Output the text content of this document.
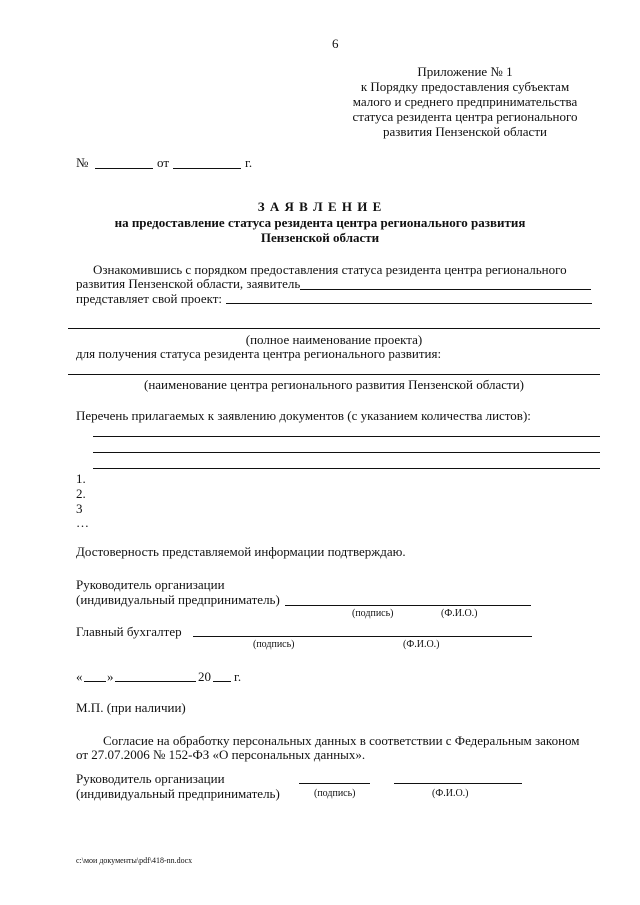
6
Приложение № 1
к Порядку предоставления субъектам
малого и среднего предпринимательства
статуса резидента центра регионального
развития Пензенской области
№	от	г.
З А Я В Л Е Н И Е
на предоставление статуса резидента центра регионального развития
Пензенской области
Ознакомившись с порядком предоставления статуса резидента центра регионального
развития Пензенской области, заявитель
представляет свой проект:
(полное наименование проекта)
для получения статуса резидента центра регионального развития:
(наименование центра регионального развития Пензенской области)
Перечень прилагаемых к заявлению документов (с указанием количества листов):
1.
2.
3
…
Достоверность представляемой информации подтверждаю.
Руководитель организации
(индивидуальный предприниматель)
(подпись)	(Ф.И.О.)
Главный бухгалтер
(подпись)	(Ф.И.О.)
« »	20 г.
М.П. (при наличии)
Согласие на обработку персональных данных в соответствии с Федеральным законом
от 27.07.2006 № 152-ФЗ «О персональных данных».
Руководитель организации
(индивидуальный предприниматель)	(подпись)	(Ф.И.О.)
c:\мои документы\pdf\418-nn.docx
